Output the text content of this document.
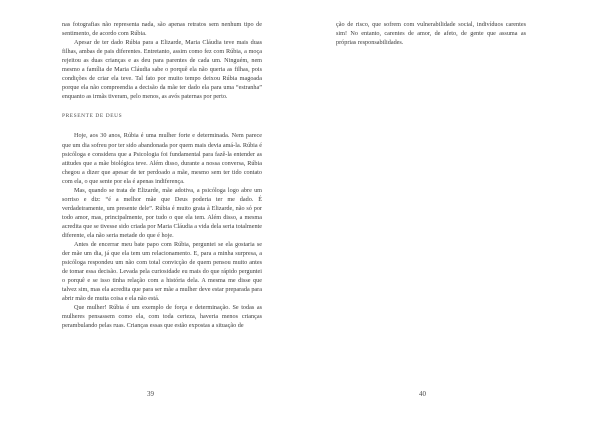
nas fotografias não representa nada, são apenas retratos sem nenhum tipo de sentimento, de acordo com Rúbia.

Apesar de ter dado Rúbia para a Elizarde, Maria Cláudia teve mais duas filhas, ambas de pais diferentes. Entretanto, assim como fez com Rúbia, a moça rejeitou as duas crianças e as deu para parentes de cada um. Ninguém, nem mesmo a família de Maria Cláudia sabe o porquê ela não queria as filhas, pois condições de criar ela teve. Tal fato por muito tempo deixou Rúbia magoada porque ela não compreendia a decisão da mãe ter dado ela para uma “estranha” enquanto as irmãs tiveram, pelo menos, as avós paternas por perto.

PRESENTE DE DEUS

Hoje, aos 30 anos, Rúbia é uma mulher forte e determinada. Nem parece que um dia sofreu por ter sido abandonada por quem mais devia amá-la. Rúbia é psicóloga e considera que a Psicologia foi fundamental para fazê-la entender as atitudes que a mãe biológica teve. Além disso, durante a nossa conversa, Rúbia chegou a dizer que apesar de ter perdoado a mãe, mesmo sem ter tido contato com ela, o que sente por ela é apenas indiferença.

Mas, quando se trata de Elizarde, mãe adotiva, a psicóloga logo abre um sorriso e diz: “é a melhor mãe que Deus poderia ter me dado. É verdadeiramente, um presente dele”. Rúbia é muito grata à Elizarde, não só por todo amor, mas, principalmente, por tudo o que ela tem. Além disso, a mesma acredita que se tivesse sido criada por Maria Cláudia a vida dela seria totalmente diferente, ela não seria metade do que é hoje.

Antes de encerrar meu bate papo com Rúbia, perguntei se ela gostaria se der mãe um dia, já que ela tem um relacionamento. E, para a minha surpresa, a psicóloga respondeu um não com total convicção de quem pensou muito antes de tomar essa decisão. Levada pela curiosidade eu mais do que rápido perguntei o porquê e se isso tinha relação com a história dela. A mesma me disse que talvez sim, mas ela acredita que para ser mãe a mulher deve estar preparada para abrir mão de muita coisa e ela não está.

Que mulher! Rúbia é um exemplo de força e determinação. Se todas as mulheres pensassem como ela, com toda certeza, haveria menos crianças perambulando pelas ruas. Crianças essas que estão expostas a situação de

39

ção de risco, que sofrem com vulnerabilidade social, indivíduos carentes sim! No entanto, carentes de amor, de afeto, de gente que assuma as próprias responsabilidades.

40
